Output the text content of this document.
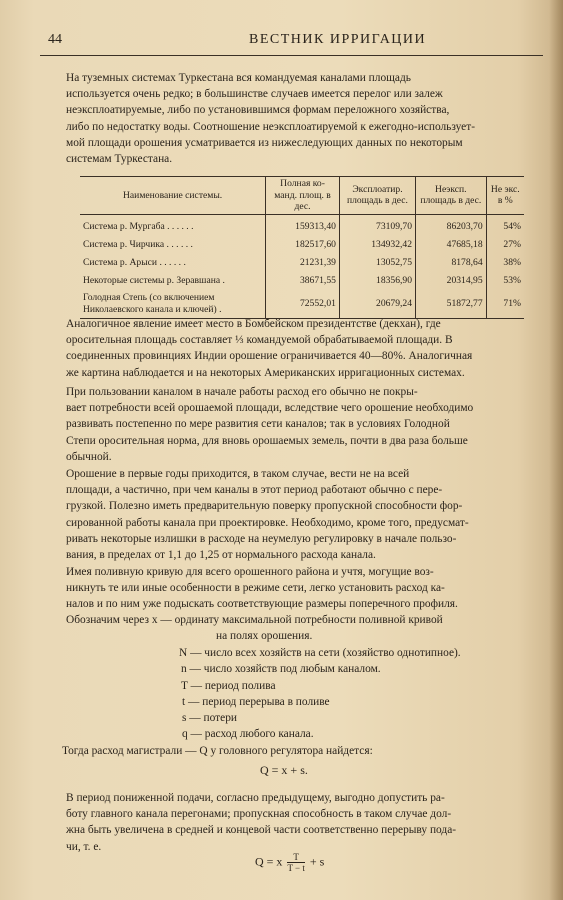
44	ВЕСТНИК ИРРИГАЦИИ

На туземных системах Туркестана вся командуемая каналами площадь
используется очень редко; в большинстве случаев имеется перелог или залеж
неэксплоатируемые, либо по установившимся формам переложного хозяйства,
либо по недостатку воды. Соотношение неэксплоатируемой к ежегодно-использует-
мой площади орошения усматривается из нижеследующих данных по некоторым
системам Туркестана.

Наименование системы.	Полная ко-манд. площ. в дес.	Эксплоатир. площадь в дес.	Неэксп. площадь в дес.	Не экс. в %
Система р. Мургаба . . . . . .	159313,40	73109,70	86203,70	54%
Система р. Чирчика . . . . . .	182517,60	134932,42	47685,18	27%
Система р. Арыси . . . . . .	21231,39	13052,75	8178,64	38%
Некоторые системы р. Зеравшана .	38671,55	18356,90	20314,95	53%
Голодная Степь (со включением Николаевского канала и ключей) .	72552,01	20679,24	51872,77	71%

Аналогичное явление имеет место в Бомбейском президентстве (декхан), где
оросительная площадь составляет ⅓ командуемой обрабатываемой площади. В
соединенных провинциях Индии орошение ограничивается 40—80%. Аналогичная
же картина наблюдается и на некоторых Американских ирригационных системах.

При пользовании каналом в начале работы расход его обычно не покры-
вает потребности всей орошаемой площади, вследствие чего орошение необходимо
развивать постепенно по мере развития сети каналов; так в условиях Голодной
Степи оросительная норма, для вновь орошаемых земель, почти в два раза больше
обычной.

Орошение в первые годы приходится, в таком случае, вести не на всей
площади, а частично, при чем каналы в этот период работают обычно с пере-
грузкой. Полезно иметь предварительную поверку пропускной способности фор-
сированной работы канала при проектировке. Необходимо, кроме того, предусмат-
ривать некоторые излишки в расходе на неумелую регулировку в начале пользо-
вания, в пределах от 1,1 до 1,25 от нормального расхода канала.

Имея поливную кривую для всего орошенного района и учтя, могущие воз-
никнуть те или иные особенности в режиме сети, легко установить расход ка-
налов и по ним уже подыскать соответствующие размеры поперечного профиля.

Обозначим через x — ординату максимальной потребности поливной кривой
на полях орошения.
N — число всех хозяйств на сети (хозяйство однотипное).
n — число хозяйств под любым каналом.
T — период полива
t — период перерыва в поливе
s — потери
q — расход любого канала.
Тогда расход магистрали — Q у головного регулятора найдется:
Q = x + s.

В период пониженной подачи, согласно предыдущему, выгодно допустить ра-
боту главного канала перегонами; пропускная способность в таком случае дол-
жна быть увеличена в средней и концевой части соответственно перерыву пода-
чи, т. е.

Q = x $\frac{T}{T - t} + s$
